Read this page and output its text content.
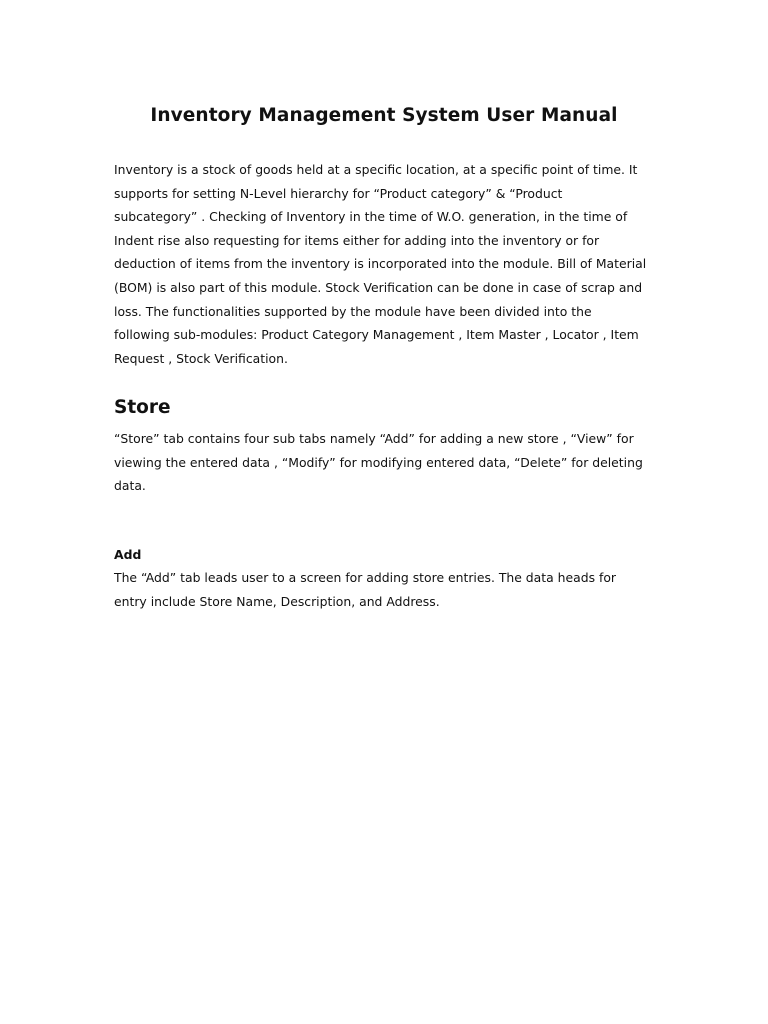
Inventory Management System User Manual

Inventory is a stock of goods held at a specific location, at a specific point of time. It
supports for setting N-Level hierarchy for “Product category” & “Product
subcategory” . Checking of Inventory in the time of W.O. generation, in the time of
Indent rise also requesting for items either for adding into the inventory or for
deduction of items from the inventory is incorporated into the module. Bill of Material
(BOM) is also part of this module. Stock Verification can be done in case of scrap and
loss. The functionalities supported by the module have been divided into the
following sub-modules: Product Category Management , Item Master , Locator , Item
Request , Stock Verification.

Store

“Store” tab contains four sub tabs namely “Add” for adding a new store , “View” for
viewing the entered data , “Modify” for modifying entered data, “Delete” for deleting
data.

Add

The “Add” tab leads user to a screen for adding store entries. The data heads for
entry include Store Name, Description, and Address.
